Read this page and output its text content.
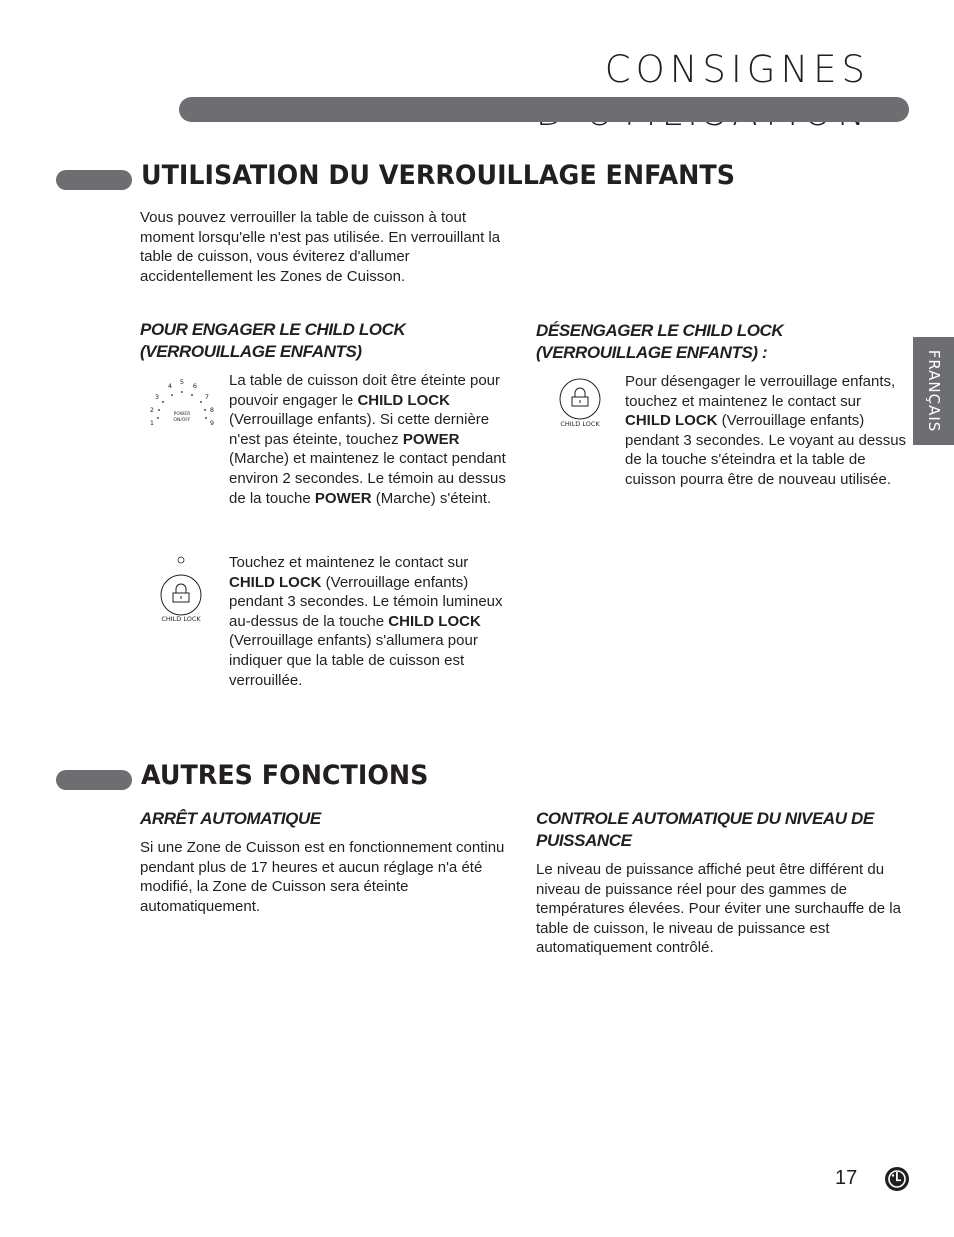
CONSIGNES
FRANÇAIS
UTILISATION DU VERROUILLAGE ENFANTS
Vous pouvez verrouiller la table de cuisson à tout moment lorsqu'elle n'est pas utilisée. En verrouillant la table de cuisson, vous éviterez d'allumer accidentellement les Zones de Cuisson.
POUR ENGAGER LE CHILD LOCK
(VERROUILLAGE ENFANTS)
1
2
3
4 5 6
7
8
9
POWER
ON/OFF
La table de cuisson doit être éteinte pour pouvoir engager le CHILD LOCK (Verrouillage enfants). Si cette dernière n'est pas éteinte, touchez POWER (Marche) et maintenez le contact pendant environ 2 secondes. Le témoin au dessus de la touche POWER (Marche) s'éteint.
CHILD LOCK
Touchez et maintenez le contact sur CHILD LOCK (Verrouillage enfants) pendant 3 secondes. Le témoin lumineux au-dessus de la touche CHILD LOCK (Verrouillage enfants) s'allumera pour indiquer que la table de cuisson est verrouillée.
DÉSENGAGER LE CHILD LOCK
(VERROUILLAGE ENFANTS) :
CHILD LOCK
Pour désengager le verrouillage enfants, touchez et maintenez le contact sur CHILD LOCK (Verrouillage enfants) pendant 3 secondes. Le voyant au dessus de la touche s'éteindra et la table de cuisson pourra être de nouveau utilisée.
AUTRES FONCTIONS
ARRÊT AUTOMATIQUE
Si une Zone de Cuisson est en fonctionnement continu pendant plus de 17 heures et aucun réglage n'a été modifié, la Zone de Cuisson sera éteinte automatiquement.
CONTROLE AUTOMATIQUE DU NIVEAU DE
PUISSANCE
Le niveau de puissance affiché peut être différent du niveau de puissance réel pour des gammes de températures élevées. Pour éviter une surchauffe de la table de cuisson, le niveau de puissance est automatiquement contrôlé.
17
